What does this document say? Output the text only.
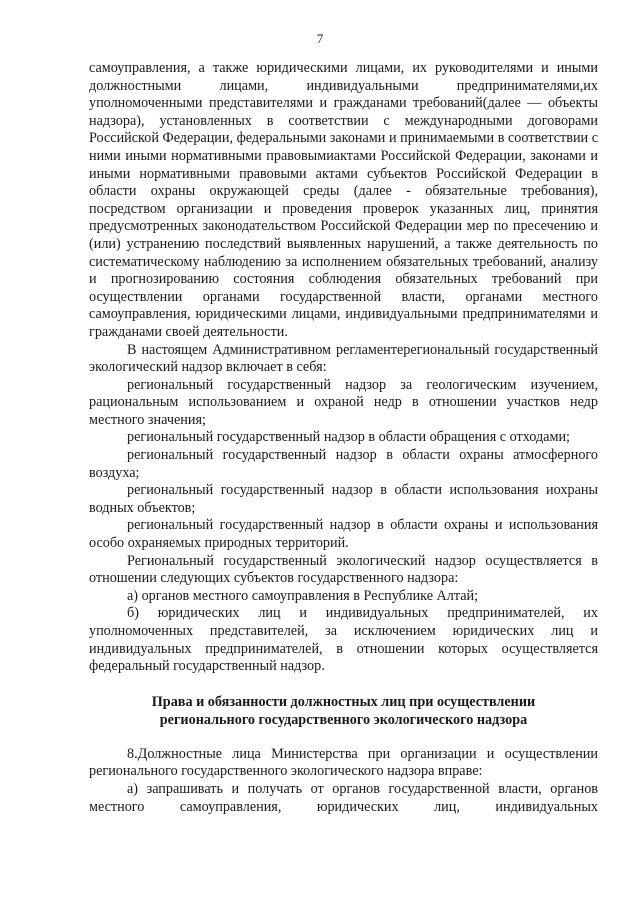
7

самоуправления, а также юридическими лицами, их руководителями и иными должностными лицами, индивидуальными предпринимателями,их уполномоченными представителями и гражданами требований(далее — объекты надзора), установленных в соответствии с международными договорами Российской Федерации, федеральными законами и принимаемыми в соответствии с ними иными нормативными правовымиактами Российской Федерации, законами и иными нормативными правовыми актами субъектов Российской Федерации в области охраны окружающей среды (далее - обязательные требования), посредством организации и проведения проверок указанных лиц, принятия предусмотренных законодательством Российской Федерации мер по пресечению и (или) устранению последствий выявленных нарушений, а также деятельность по систематическому наблюдению за исполнением обязательных требований, анализу и прогнозированию состояния соблюдения обязательных требований при осуществлении органами государственной власти, органами местного самоуправления, юридическими лицами, индивидуальными предпринимателями и гражданами своей деятельности.

В настоящем Административном регламентерегиональный государственный экологический надзор включает в себя:

региональный государственный надзор за геологическим изучением, рациональным использованием и охраной недр в отношении участков недр местного значения;

региональный государственный надзор в области обращения с отходами;

региональный государственный надзор в области охраны атмосферного воздуха;

региональный государственный надзор в области использования иохраны водных объектов;

региональный государственный надзор в области охраны и использования особо охраняемых природных территорий.

Региональный государственный экологический надзор осуществляется в отношении следующих субъектов государственного надзора:

а) органов местного самоуправления в Республике Алтай;

б) юридических лиц и индивидуальных предпринимателей, их уполномоченных представителей, за исключением юридических лиц и индивидуальных предпринимателей, в отношении которых осуществляется федеральный государственный надзор.

Права и обязанности должностных лиц при осуществлении

регионального государственного экологического надзора

8.Должностные лица Министерства при организации и осуществлении регионального государственного экологического надзора вправе:

а) запрашивать и получать от органов государственной власти, органов местного самоуправления, юридических лиц, индивидуальных
